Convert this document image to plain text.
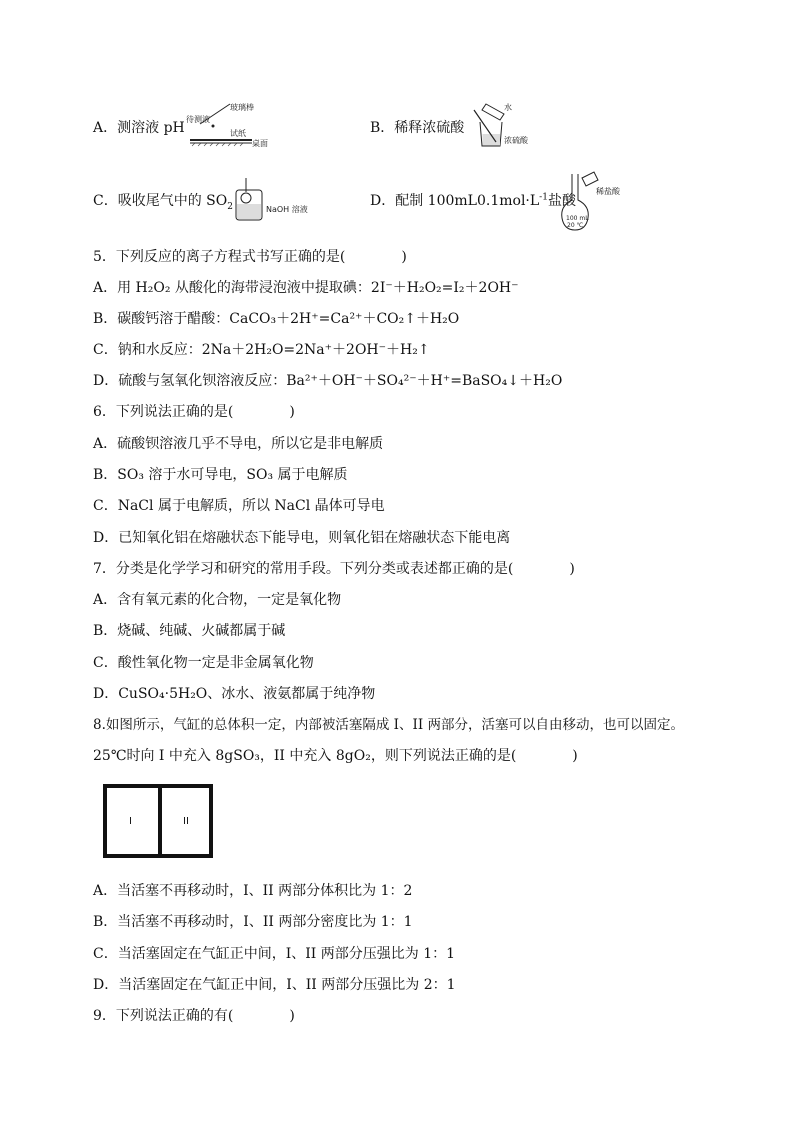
A．测溶液 pH
玻璃棒
待测液
试纸
桌面
B．稀释浓硫酸
水
浓硫酸
C．吸收尾气中的 $SO_2$	NaOH 溶液
D．配制 $100mL0.1mol\cdot L^{-1}$盐酸
100 mL
20 ℃
稀盐酸
5．下列反应的离子方程式书写正确的是(　　　　)
A．用 H₂O₂ 从酸化的海带浸泡液中提取碘：2I⁻＋H₂O₂=I₂＋2OH⁻
B．碳酸钙溶于醋酸：CaCO₃＋2H⁺=Ca²⁺＋CO₂↑＋H₂O
C．钠和水反应：2Na＋2H₂O=2Na⁺＋2OH⁻＋H₂↑
D．硫酸与氢氧化钡溶液反应：Ba²⁺＋OH⁻＋SO₄²⁻＋H⁺=BaSO₄↓＋H₂O
6．下列说法正确的是(　　　　)
A．硫酸钡溶液几乎不导电，所以它是非电解质
B．SO₃ 溶于水可导电，SO₃ 属于电解质
C．NaCl 属于电解质，所以 NaCl 晶体可导电
D．已知氧化铝在熔融状态下能导电，则氧化铝在熔融状态下能电离
7．分类是化学学习和研究的常用手段。下列分类或表述都正确的是(　　　　)
A．含有氧元素的化合物，一定是氧化物
B．烧碱、纯碱、火碱都属于碱
C．酸性氧化物一定是非金属氧化物
D．CuSO₄·5H₂O、冰水、液氨都属于纯净物
8.如图所示，气缸的总体积一定，内部被活塞隔成 I、II 两部分，活塞可以自由移动，也可以固定。
25℃时向 I 中充入 8gSO₃，II 中充入 8gO₂，则下列说法正确的是(　　　　)
I	II
A．当活塞不再移动时，I、II 两部分体积比为 1：2
B．当活塞不再移动时，I、II 两部分密度比为 1：1
C．当活塞固定在气缸正中间，I、II 两部分压强比为 1：1
D．当活塞固定在气缸正中间，I、II 两部分压强比为 2：1
9．下列说法正确的有(　　　　)
